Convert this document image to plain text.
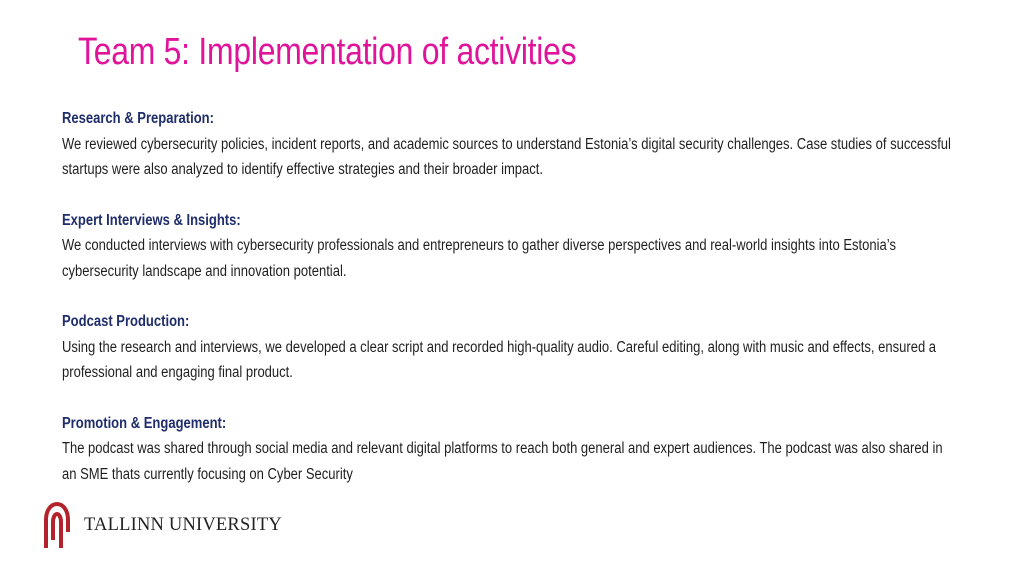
Team 5: Implementation of activities

Research & Preparation:

We reviewed cybersecurity policies, incident reports, and academic sources to understand Estonia’s digital security challenges. Case studies of successful startups were also analyzed to identify effective strategies and their broader impact.

Expert Interviews & Insights:

We conducted interviews with cybersecurity professionals and entrepreneurs to gather diverse perspectives and real-world insights into Estonia’s cybersecurity landscape and innovation potential.

Podcast Production:

Using the research and interviews, we developed a clear script and recorded high-quality audio. Careful editing, along with music and effects, ensured a professional and engaging final product.

Promotion & Engagement:

The podcast was shared through social media and relevant digital platforms to reach both general and expert audiences. The podcast was also shared in an SME thats currently focusing on Cyber Security

TALLINN UNIVERSITY
